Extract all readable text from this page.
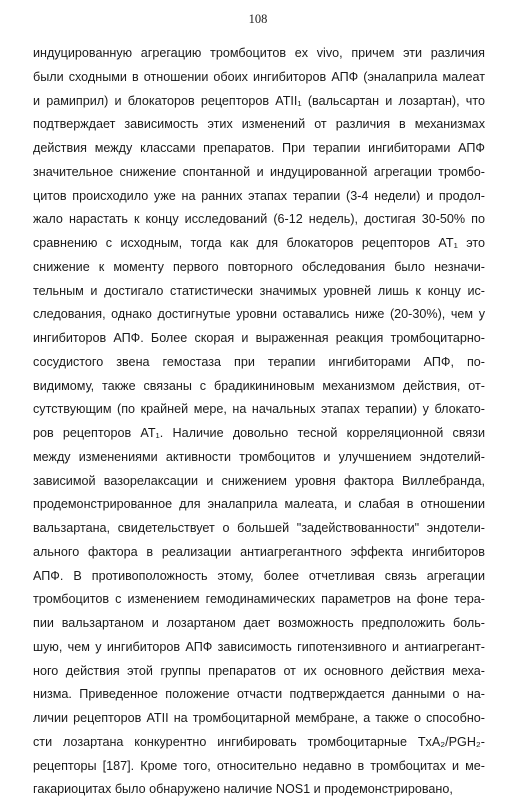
108
индуцированную агрегацию тромбоцитов ex vivo, причем эти различия
были сходными в отношении обоих ингибиторов АПФ (эналаприла малеат
и рамиприл) и блокаторов рецепторов ATII₁ (вальсартан и лозартан), что
подтверждает зависимость этих изменений от различия в механизмах
действия между классами препаратов. При терапии ингибиторами АПФ
значительное снижение спонтанной и индуцированной агрегации тромбо-
цитов происходило уже на ранних этапах терапии (3-4 недели) и продол-
жало нарастать к концу исследований (6-12 недель), достигая 30-50% по
сравнению с исходным, тогда как для блокаторов рецепторов AT₁ это
снижение к моменту первого повторного обследования было незначи-
тельным и достигало статистически значимых уровней лишь к концу ис-
следования, однако достигнутые уровни оставались ниже (20-30%), чем у
ингибиторов АПФ. Более скорая и выраженная реакция тромбоцитарно-
сосудистого звена гемостаза при терапии ингибиторами АПФ, по-
видимому, также связаны с брадикининовым механизмом действия, от-
сутствующим (по крайней мере, на начальных этапах терапии) у блокато-
ров рецепторов AT₁. Наличие довольно тесной корреляционной связи
между изменениями активности тромбоцитов и улучшением эндотелий-
зависимой вазорелаксации и снижением уровня фактора Виллебранда,
продемонстрированное для эналаприла малеата, и слабая в отношении
вальзартана, свидетельствует о большей "задействованности" эндотели-
ального фактора в реализации антиагрегантного эффекта ингибиторов
АПФ. В противоположность этому, более отчетливая связь агрегации
тромбоцитов с изменением гемодинамических параметров на фоне тера-
пии вальзартаном и лозартаном дает возможность предположить боль-
шую, чем у ингибиторов АПФ зависимость гипотензивного и антиагрегант-
ного действия этой группы препаратов от их основного действия меха-
низма. Приведенное положение отчасти подтверждается данными о на-
личии рецепторов ATII на тромбоцитарной мембране, а также о способно-
сти лозартана конкурентно ингибировать тромбоцитарные TxA₂/PGH₂-
рецепторы [187]. Кроме того, относительно недавно в тромбоцитах и ме-
гакариоцитах было обнаружено наличие NOS1 и продемонстрировано,
